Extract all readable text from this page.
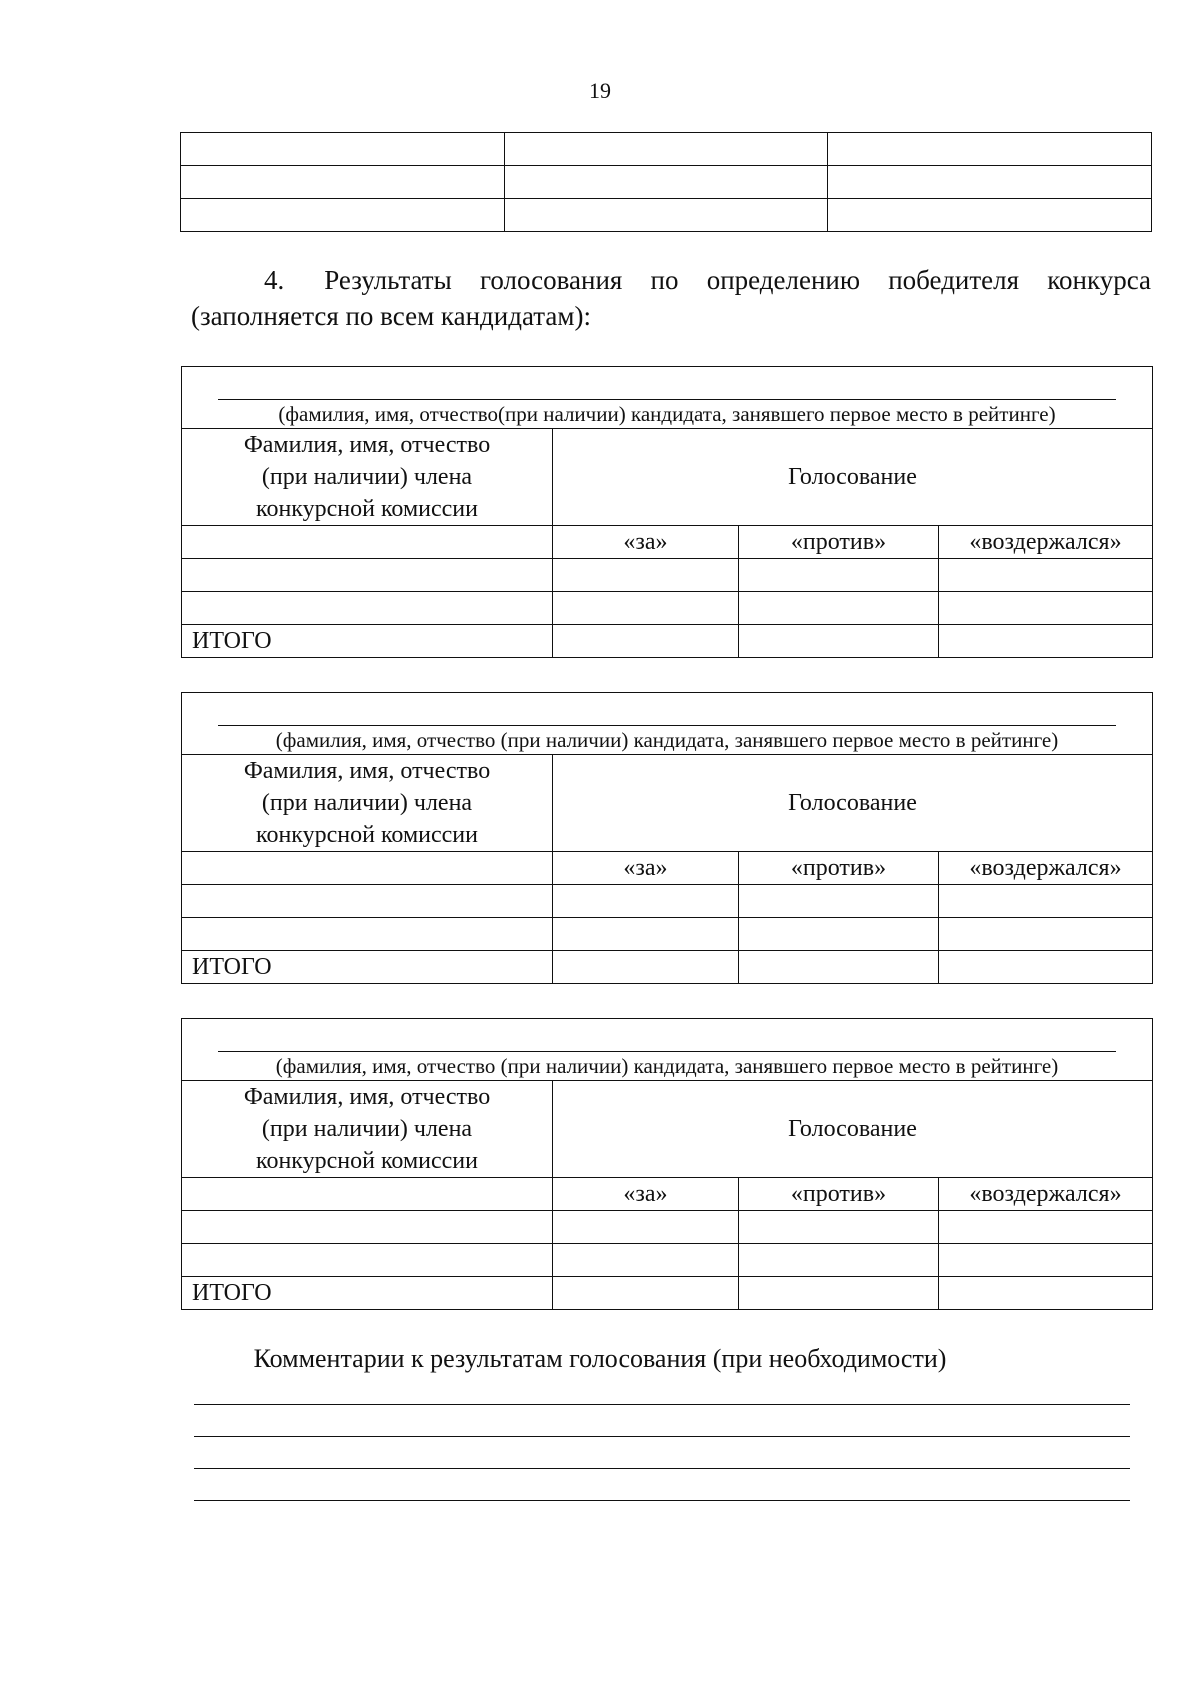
19

4. Результаты голосования по определению победителя конкурса
(заполняется по всем кандидатам):
(фамилия, имя, отчество(при наличии) кандидата, занявшего первое место в рейтинге)			

Фамилия, имя, отчество
(при наличии) члена
конкурсной комиссии	Голосование		
	«за»	«против»	«воздержался»

ИТОГО			
(фамилия, имя, отчество (при наличии) кандидата, занявшего первое место в рейтинге)			

Фамилия, имя, отчество
(при наличии) члена
конкурсной комиссии	Голосование		
	«за»	«против»	«воздержался»

ИТОГО			
(фамилия, имя, отчество (при наличии) кандидата, занявшего первое место в рейтинге)			

Фамилия, имя, отчество
(при наличии) члена
конкурсной комиссии	Голосование		
	«за»	«против»	«воздержался»

ИТОГО			
Комментарии к результатам голосования (при необходимости)
